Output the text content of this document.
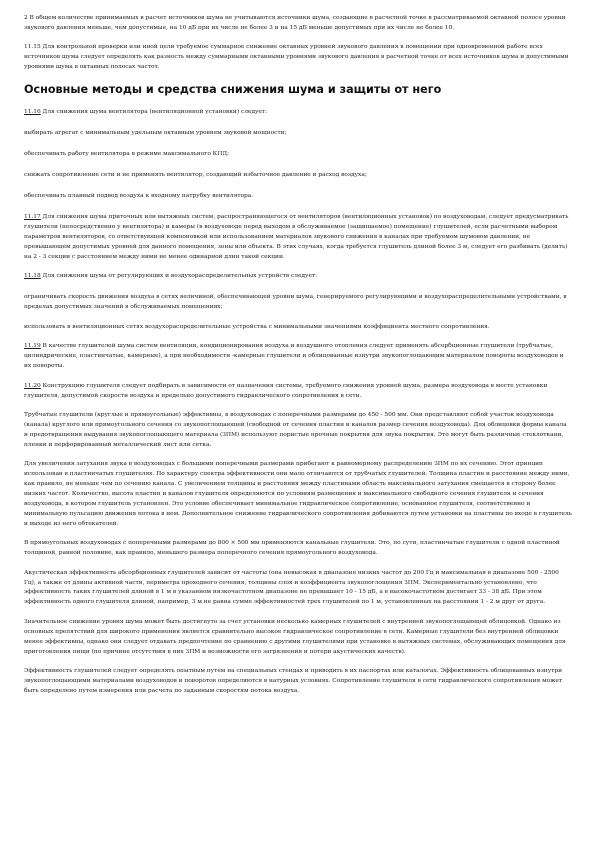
2 В общем количестве принимаемых в расчет источников шума не учитываются источники шума, создающие в расчетной точке в рассматриваемой октавной полосе уровни звукового давления меньше, чем допустимые, на 10 дБ при их числе не более 3 и на 15 дБ меньше допустимых при их числе не более 10.

11.15 Для контрольной проверки или иной цели требуемое суммарное снижение октавных уровней звукового давления в помещении при одновременной работе всех источников шума следует определять как разность между суммарными октавными уровнями звукового давления в расчетной точке от всех источников шума и допустимыми уровнями шума в октавных полосах частот.

Основные методы и средства снижения шума и защиты от него

11.16 Для снижения шума вентилятора (вентиляционной установки) следует:

выбирать агрегат с минимальным удельным октавным уровнем звуковой мощности;

обеспечивать работу вентилятора в режиме максимального КПД;

снижать сопротивление сети и не применять вентилятор, создающий избыточное давление и расход воздуха;

обеспечивать плавный подвод воздуха к входному патрубку вентилятора.

11.17 Для снижения шума приточных или вытяжных систем, распространяющегося от вентиляторов (вентиляционных установок) по воздуховодам, следует предусматривать глушители (непосредственно у вентилятора) и камеры (в воздуховоде перед выходом в обслуживаемое (защищаемое) помещение) глушителей, если расчетными выбором параметров вентиляторов, со ответствующей компоновкой или использованием материалов звукового снижения в каналах при требуемом шумовом давлении, не превышающем допустимых уровней для данного помещения, зоны или объекта. В этих случаях, когда требуется глушитель длиной более 3 м, следует его разбивать (делить) на 2 - 3 секции с расстоянием между ними не менее одинарной длин такой секции.

11.18 Для снижения шума от регулирующих и воздухораспределительных устройств следует:

ограничивать скорость движения воздуха в сетях величиной, обеспечивающей уровни шума, генерируемого регулирующими и воздухораспределительными устройствами, в пределах допустимых значений в обслуживаемых помещениях;

использовать в вентиляционных сетях воздухораспределительные устройства с минимальными значениями коэффициента местного сопротивления.

11.19 В качестве глушителей шума систем вентиляции, кондиционирования воздуха и воздушного отопления следует применять абсорбционные глушители (трубчатые, цилиндрические, пластинчатые, камерные), а при необходимости -камерные глушители и облицованные изнутри звукопоглощающим материалом повороты воздуховодов и их повороты.

11.20 Конструкцию глушителя следует подбирать в зависимости от назначения системы, требуемого снижения уровней шума, размера воздуховода в месте установки глушителя, допустимой скорости воздуха и предельно допустимого гидравлического сопротивления в сети.

Трубчатые глушители (круглые и прямоугольные) эффективны, в воздуховодах с поперечными размерами до 450 - 500 мм. Они представляют собой участок воздуховода (канала) круглого или прямоугольного сечения со звукопоглощающей (свободной от сечения пластин и каналов размер сечения воздуховода). Для облицовки формы канала и предотвращения выдувания звукопоглощающего материала (ЗПМ) используют пористые прочные покрытия для звука покрытия. Это могут быть различные стеклоткани, пленки и перфорированный металлический лист или сетка.

Для увеличения затухания звука в воздуховодах с большими поперечными размерами прибегают к равномерному распределению ЗПМ по их сечению. Этот принцип использован в пластинчатых глушителях. По характеру спектра эффективности они мало отличаются от трубчатых глушителей. Толщина пластин и расстояние между ними, как правило, не меньше чем по сечению канала. С увеличением толщины и расстояния между пластинами область максимального затухания смещается в сторону более низких частот. Количество, высота пластин и каналов глушителя определяются по условиям размещения и максимального свободного сечения глушителя и сечения воздуховода, в котором глушитель установлен. Это условие обеспечивает минимальное гидравлическое сопротивление, основанное глушителя, соответственно и минимальную пульсацию движения потока в нем. Дополнительное снижение гидравлического сопротивления добиваются путем установки на пластины по входе в глушитель и выходе из него обтекателей.

В прямоугольных воздуховодах с поперечными размерами до 800 × 500 мм применяются канальные глушители. Это, по сути, пластинчатые глушители с одной пластиной толщиной, равной половине, как правило, меньшего размера поперечного сечения прямоугольного воздуховода.

Акустическая эффективность абсорбционных глушителей зависит от частоты (она невысокая в диапазоне низких частот до 200 Гц и максимальная в диапазоне 500 - 2500 Гц), а также от длины активной части, периметра проходного сечения, толщины слоя и коэффициента звукопоглощения ЗПМ. Экспериментально установлено, что эффективность таких глушителей длиной в 1 м в указанном низкочастотном диапазоне не превышает 10 - 15 дБ, а в высокочастотном достигает 33 - 38 дБ. При этом эффективность одного глушителя длиной, например, 3 м не равна сумме эффективностей трех глушителей по 1 м, установленных на расстоянии 1 - 2 м друг от друга.

Значительное снижение уровня шума может быть достигнуто за счет установки несколько камерных глушителей с внутренней звукопоглощающей облицовкой. Однако из основных препятствий для широкого применения является сравнительно высокое гидравлическое сопротивление в сети. Камерные глушители без внутренней облицовки менее эффективны, однако они следует отдавать предпочтение по сравнению с другими глушителями при установке в вытяжных системах, обслуживающих помещения для приготовления пищи (по причине отсутствия в них ЗПМ и возможности его загрязнения и потери акустических качеств).

Эффективность глушителей следует определять опытным путем на специальных стендах и приводить в их паспортах или каталогах. Эффективность облицованных изнутри звукопоглощающими материалами воздуховодов и поворотов определяются в натурных условиях. Сопротивление глушителя в сети гидравлического сопротивления может быть определено путем измерения или расчета по заданным скоростям потока воздуха.
